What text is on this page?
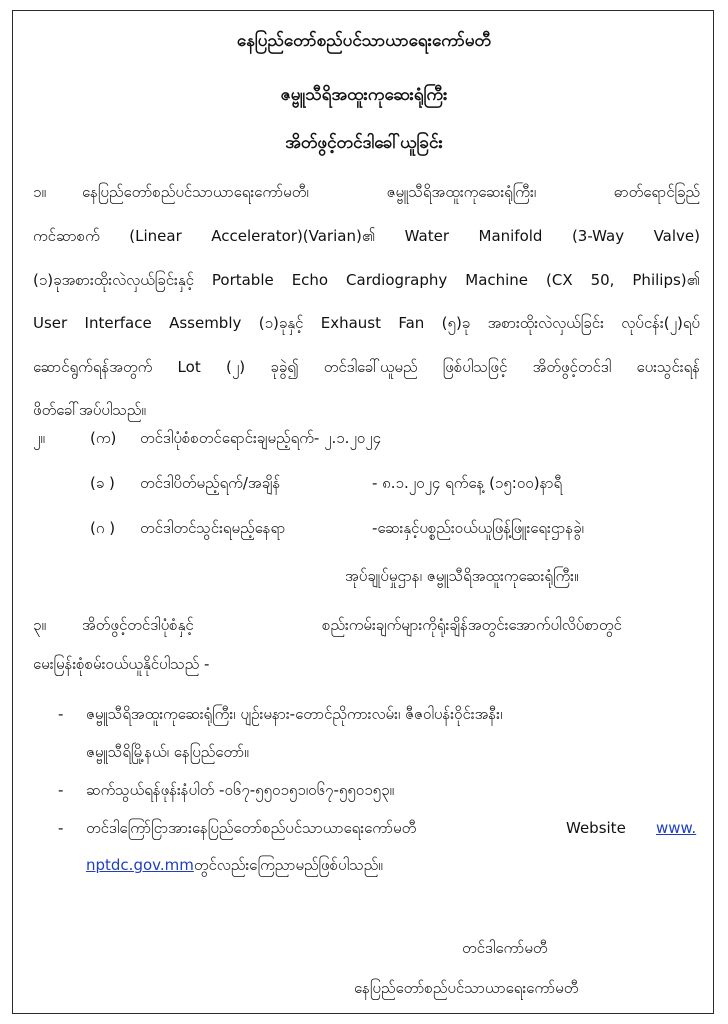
နေပြည်တော်စည်ပင်သာယာရေးကော်မတီ
ဇမ္ဗူသီရိအထူးကုဆေးရုံကြီး
အိတ်ဖွင့်တင်ဒါခေါ်ယူခြင်း
၁။ နေပြည်တော်စည်ပင်သာယာရေးကော်မတီ၊ ဇမ္ဗူသီရိအထူးကုဆေးရုံကြီး၊ ဓာတ်ရောင်ခြည်
ကင်ဆာစက် (Linear Accelerator)(Varian)၏ Water Manifold (3-Way Valve)
(၁)ခုအစားထိုးလဲလှယ်ခြင်းနှင့် Portable Echo Cardiography Machine (CX 50, Philips)၏
User Interface Assembly (၁)ခုနှင့် Exhaust Fan (၅)ခု အစားထိုးလဲလှယ်ခြင်း လုပ်ငန်း(၂)ရပ်
ဆောင်ရွက်ရန်အတွက် Lot (၂) ခုခွဲ၍ တင်ဒါခေါ်ယူမည် ဖြစ်ပါသဖြင့် အိတ်ဖွင့်တင်ဒါ ပေးသွင်းရန်
ဖိတ်ခေါ်အပ်ပါသည်။
၂။	(က) တင်ဒါပုံစံစတင်ရောင်းချမည့်ရက်- ၂.၁.၂၀၂၄
(ခ ) တင်ဒါပိတ်မည့်ရက်/အချိန်	- ၈.၁.၂၀၂၄ ရက်နေ့ (၁၅:၀၀)နာရီ
(ဂ ) တင်ဒါတင်သွင်းရမည့်နေရာ	-ဆေးနှင့်ပစ္စည်းဝယ်ယူဖြန့်ဖြူးရေးဌာနခွဲ၊
အုပ်ချုပ်မှုဌာန၊ ဇမ္ဗူသီရိအထူးကုဆေးရုံကြီး။
၃။ အိတ်ဖွင့်တင်ဒါပုံစံနှင့်	စည်းကမ်းချက်များကိုရုံးချိန်အတွင်းအောက်ပါလိပ်စာတွင်
မေးမြန်းစုံစမ်းဝယ်ယူနိုင်ပါသည် -
- ဇမ္ဗူသီရိအထူးကုဆေးရုံကြီး၊ ပျဉ်းမနား-တောင်ညိုကားလမ်း၊ ဇီဇဝါပန်းဝိုင်းအနီး၊
ဇမ္ဗူသီရိမြို့နယ်၊ နေပြည်တော်။
- ဆက်သွယ်ရန်ဖုန်းနံပါတ် -၀၆၇-၅၅၀၁၅၁၊၀၆၇-၅၅၀၁၅၃။
- တင်ဒါကြော်ငြာအားနေပြည်တော်စည်ပင်သာယာရေးကော်မတီ	Website www.
nptdc.gov.mmတွင်လည်းကြေညာမည်ဖြစ်ပါသည်။
တင်ဒါကော်မတီ
နေပြည်တော်စည်ပင်သာယာရေးကော်မတီ
